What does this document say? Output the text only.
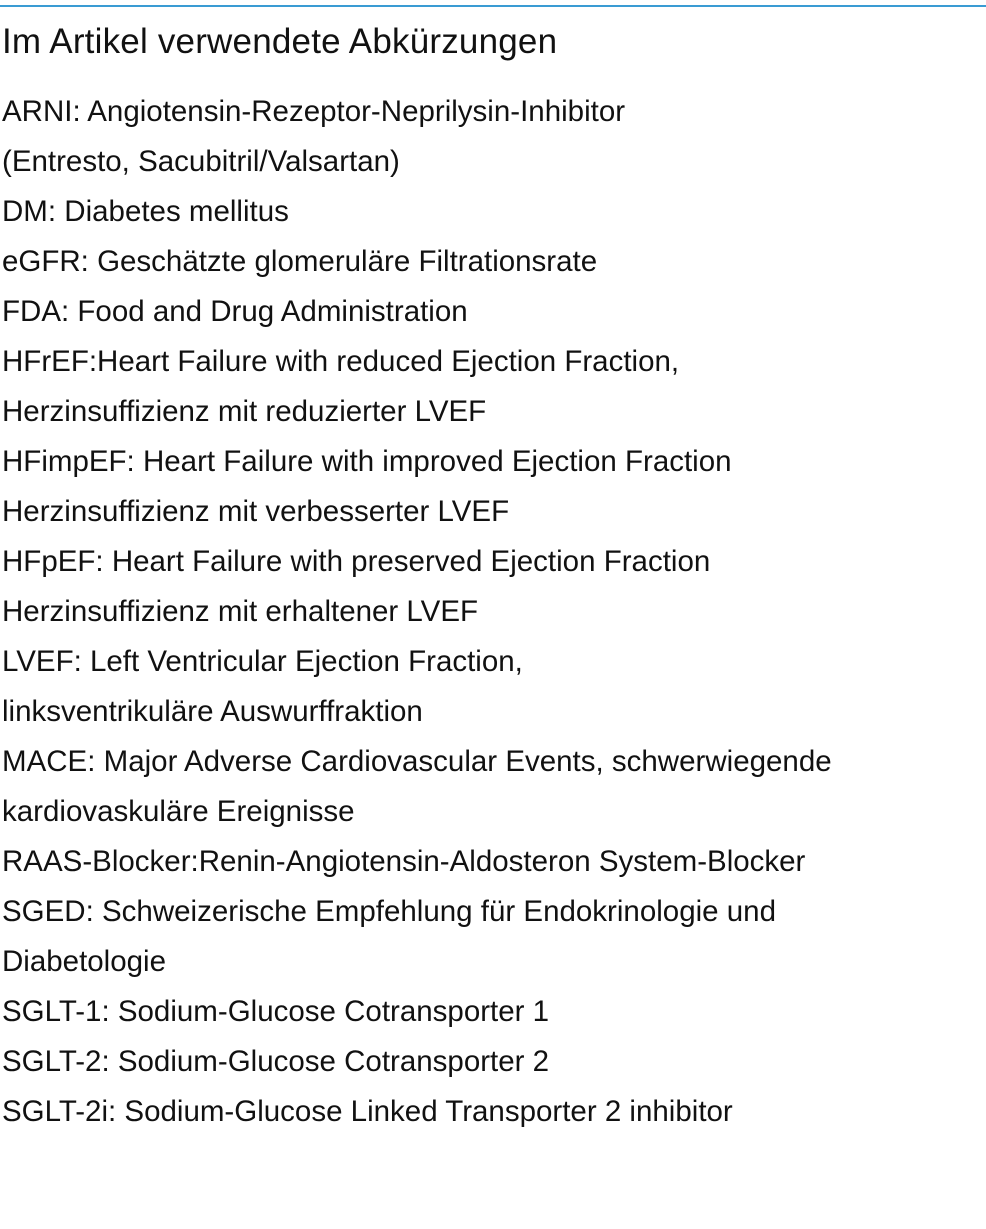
Im Artikel verwendete Abkürzungen
ARNI: Angiotensin-Rezeptor-Neprilysin-Inhibitor
(Entresto, Sacubitril/Valsartan)
DM: Diabetes mellitus
eGFR: Geschätzte glomeruläre Filtrationsrate
FDA: Food and Drug Administration
HFrEF:Heart Failure with reduced Ejection Fraction,
Herzinsuffizienz mit reduzierter LVEF
HFimpEF: Heart Failure with improved Ejection Fraction
Herzinsuffizienz mit verbesserter LVEF
HFpEF: Heart Failure with preserved Ejection Fraction
Herzinsuffizienz mit erhaltener LVEF
LVEF: Left Ventricular Ejection Fraction,
linksventrikuläre Auswurffraktion
MACE: Major Adverse Cardiovascular Events, schwerwiegende
kardiovaskuläre Ereignisse
RAAS-Blocker:Renin-Angiotensin-Aldosteron System-Blocker
SGED: Schweizerische Empfehlung für Endokrinologie und
Diabetologie
SGLT-1: Sodium-Glucose Cotransporter 1
SGLT-2: Sodium-Glucose Cotransporter 2
SGLT-2i: Sodium-Glucose Linked Transporter 2 inhibitor
